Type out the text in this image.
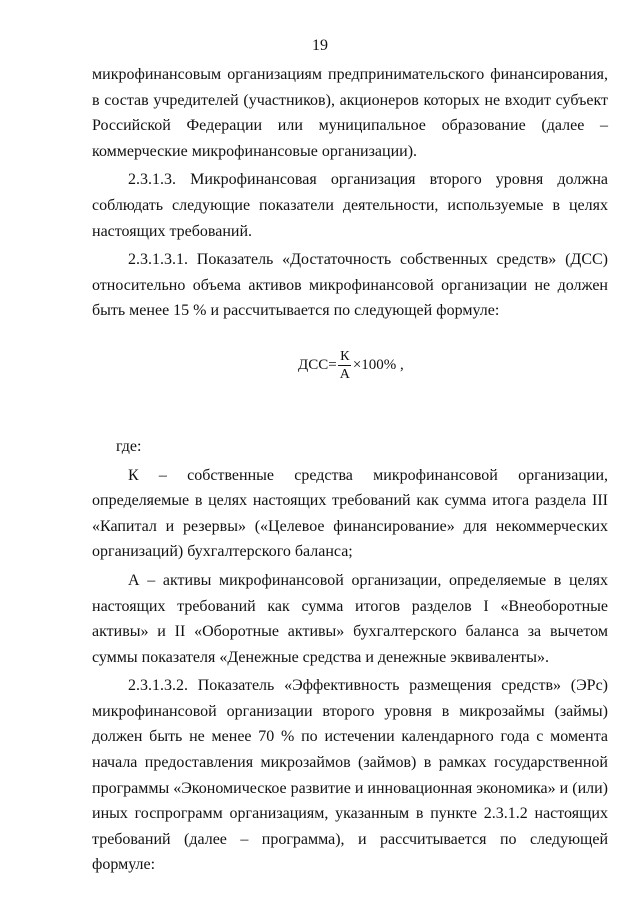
19

микрофинансовым организациям предпринимательского финансирования, в состав учредителей (участников), акционеров которых не входит субъект Российской Федерации или муниципальное образование (далее – коммерческие микрофинансовые организации).

2.3.1.3. Микрофинансовая организация второго уровня должна соблюдать следующие показатели деятельности, используемые в целях настоящих требований.

2.3.1.3.1. Показатель «Достаточность собственных средств» (ДСС) относительно объема активов микрофинансовой организации не должен быть менее 15 % и рассчитывается по следующей формуле:

$ДСС= \frac{К}{А} \times 100\%$ ,

где:

К – собственные средства микрофинансовой организации, определяемые в целях настоящих требований как сумма итога раздела III «Капитал и резервы» («Целевое финансирование» для некоммерческих организаций) бухгалтерского баланса;

А – активы микрофинансовой организации, определяемые в целях настоящих требований как сумма итогов разделов I «Внеоборотные активы» и II «Оборотные активы» бухгалтерского баланса за вычетом суммы показателя «Денежные средства и денежные эквиваленты».

2.3.1.3.2. Показатель «Эффективность размещения средств» (ЭРс) микрофинансовой организации второго уровня в микрозаймы (займы) должен быть не менее 70 % по истечении календарного года с момента начала предоставления микрозаймов (займов) в рамках государственной программы «Экономическое развитие и инновационная экономика» и (или) иных госпрограмм организациям, указанным в пункте 2.3.1.2 настоящих требований (далее – программа), и рассчитывается по следующей формуле:
